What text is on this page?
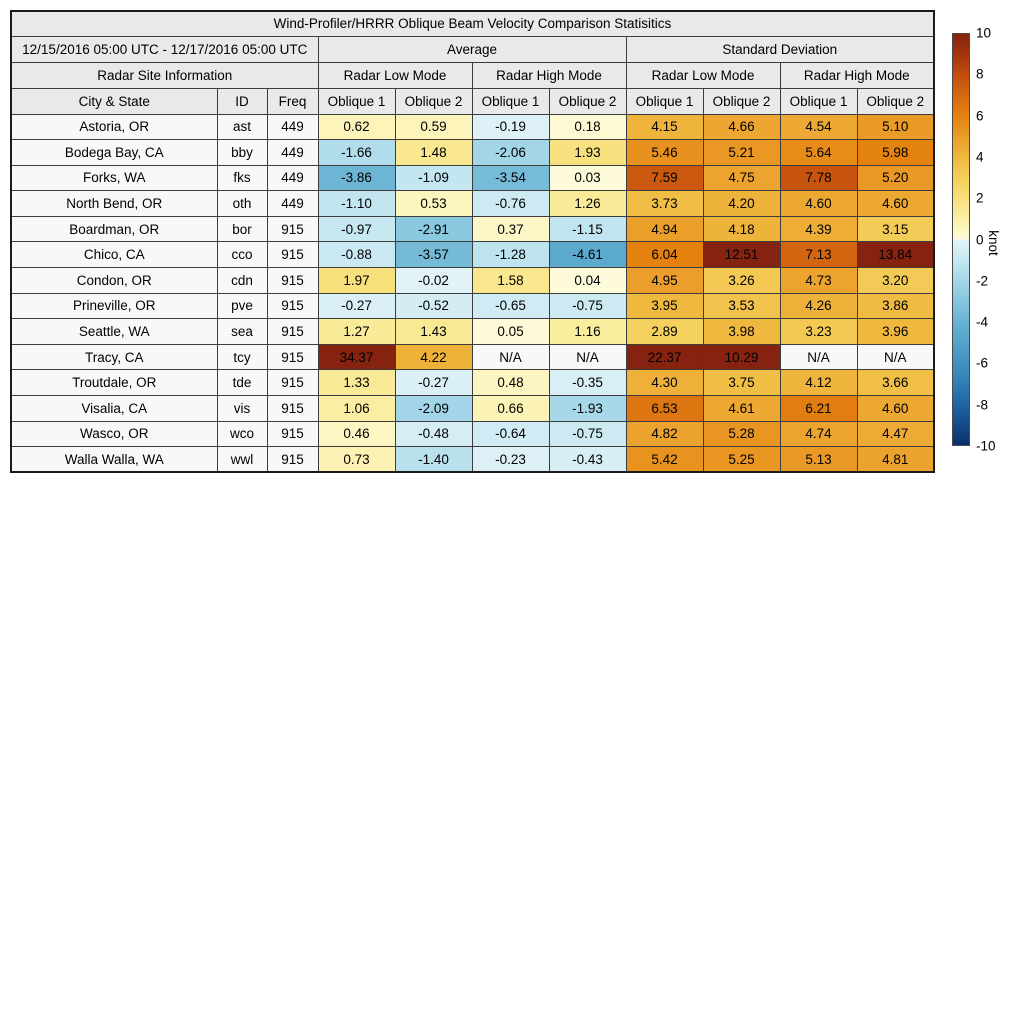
Wind-Profiler/HRRR Oblique Beam Velocity Comparison Statisitics										
12/15/2016 05:00 UTC - 12/17/2016 05:00 UTC			Average				Standard Deviation			
Radar Site Information			Radar Low Mode		Radar High Mode		Radar Low Mode		Radar High Mode	
City & State	ID	Freq	Oblique 1	Oblique 2	Oblique 1	Oblique 2	Oblique 1	Oblique 2	Oblique 1	Oblique 2
Astoria, OR	ast	449	0.62	0.59	-0.19	0.18	4.15	4.66	4.54	5.10
Bodega Bay, CA	bby	449	-1.66	1.48	-2.06	1.93	5.46	5.21	5.64	5.98
Forks, WA	fks	449	-3.86	-1.09	-3.54	0.03	7.59	4.75	7.78	5.20
North Bend, OR	oth	449	-1.10	0.53	-0.76	1.26	3.73	4.20	4.60	4.60
Boardman, OR	bor	915	-0.97	-2.91	0.37	-1.15	4.94	4.18	4.39	3.15
Chico, CA	cco	915	-0.88	-3.57	-1.28	-4.61	6.04	12.51	7.13	13.84
Condon, OR	cdn	915	1.97	-0.02	1.58	0.04	4.95	3.26	4.73	3.20
Prineville, OR	pve	915	-0.27	-0.52	-0.65	-0.75	3.95	3.53	4.26	3.86
Seattle, WA	sea	915	1.27	1.43	0.05	1.16	2.89	3.98	3.23	3.96
Tracy, CA	tcy	915	34.37	4.22	N/A	N/A	22.37	10.29	N/A	N/A
Troutdale, OR	tde	915	1.33	-0.27	0.48	-0.35	4.30	3.75	4.12	3.66
Visalia, CA	vis	915	1.06	-2.09	0.66	-1.93	6.53	4.61	6.21	4.60
Wasco, OR	wco	915	0.46	-0.48	-0.64	-0.75	4.82	5.28	4.74	4.47
Walla Walla, WA	wwl	915	0.73	-1.40	-0.23	-0.43	5.42	5.25	5.13	4.81
10
8
6
4
2
0
-2
-4
-6
-8
-10
knot
